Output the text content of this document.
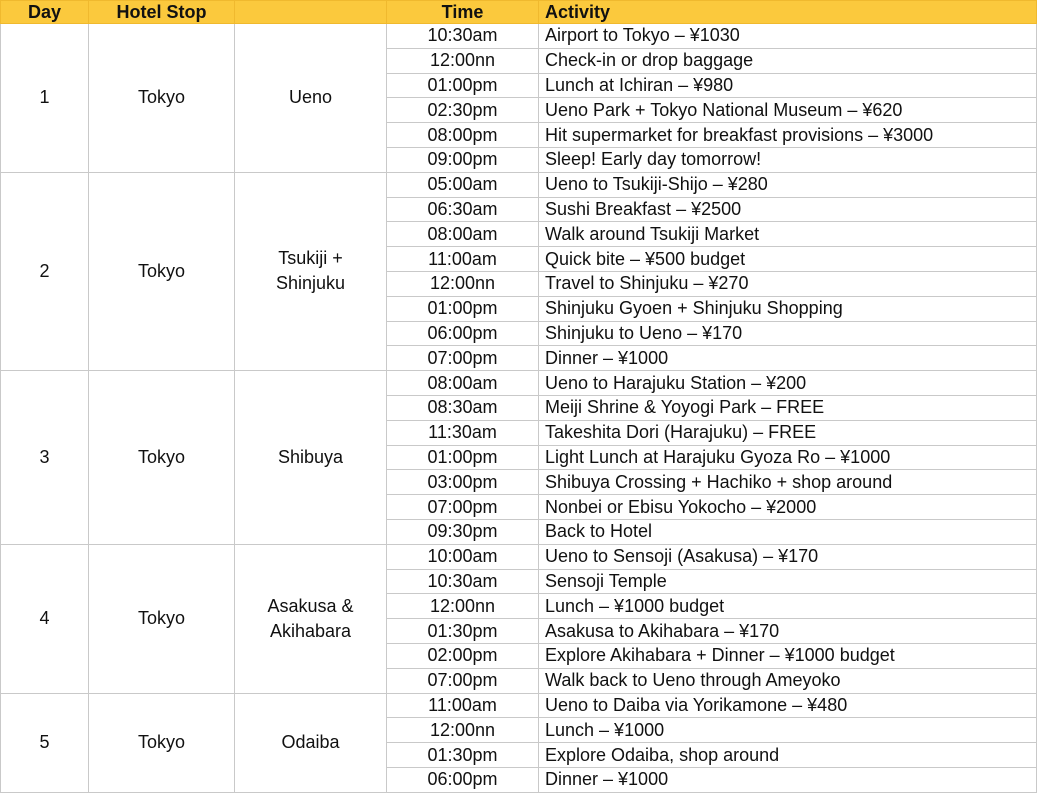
Day	Hotel Stop		Time	Activity
1	Tokyo	Ueno	10:30am	Airport to Tokyo – ¥1030
			12:00nn	Check-in or drop baggage
			01:00pm	Lunch at Ichiran – ¥980
			02:30pm	Ueno Park + Tokyo National Museum – ¥620
			08:00pm	Hit supermarket for breakfast provisions – ¥3000
			09:00pm	Sleep! Early day tomorrow!
2	Tokyo	Tsukiji + Shinjuku	05:00am	Ueno to Tsukiji-Shijo – ¥280
			06:30am	Sushi Breakfast – ¥2500
			08:00am	Walk around Tsukiji Market
			11:00am	Quick bite – ¥500 budget
			12:00nn	Travel to Shinjuku – ¥270
			01:00pm	Shinjuku Gyoen + Shinjuku Shopping
			06:00pm	Shinjuku to Ueno – ¥170
			07:00pm	Dinner – ¥1000
3	Tokyo	Shibuya	08:00am	Ueno to Harajuku Station – ¥200
			08:30am	Meiji Shrine & Yoyogi Park – FREE
			11:30am	Takeshita Dori (Harajuku) – FREE
			01:00pm	Light Lunch at Harajuku Gyoza Ro – ¥1000
			03:00pm	Shibuya Crossing + Hachiko + shop around
			07:00pm	Nonbei or Ebisu Yokocho – ¥2000
			09:30pm	Back to Hotel
4	Tokyo	Asakusa & Akihabara	10:00am	Ueno to Sensoji (Asakusa) – ¥170
			10:30am	Sensoji Temple
			12:00nn	Lunch – ¥1000 budget
			01:30pm	Asakusa to Akihabara – ¥170
			02:00pm	Explore Akihabara + Dinner – ¥1000 budget
			07:00pm	Walk back to Ueno through Ameyoko
5	Tokyo	Odaiba	11:00am	Ueno to Daiba via Yorikamone – ¥480
			12:00nn	Lunch – ¥1000
			01:30pm	Explore Odaiba, shop around
			06:00pm	Dinner – ¥1000
